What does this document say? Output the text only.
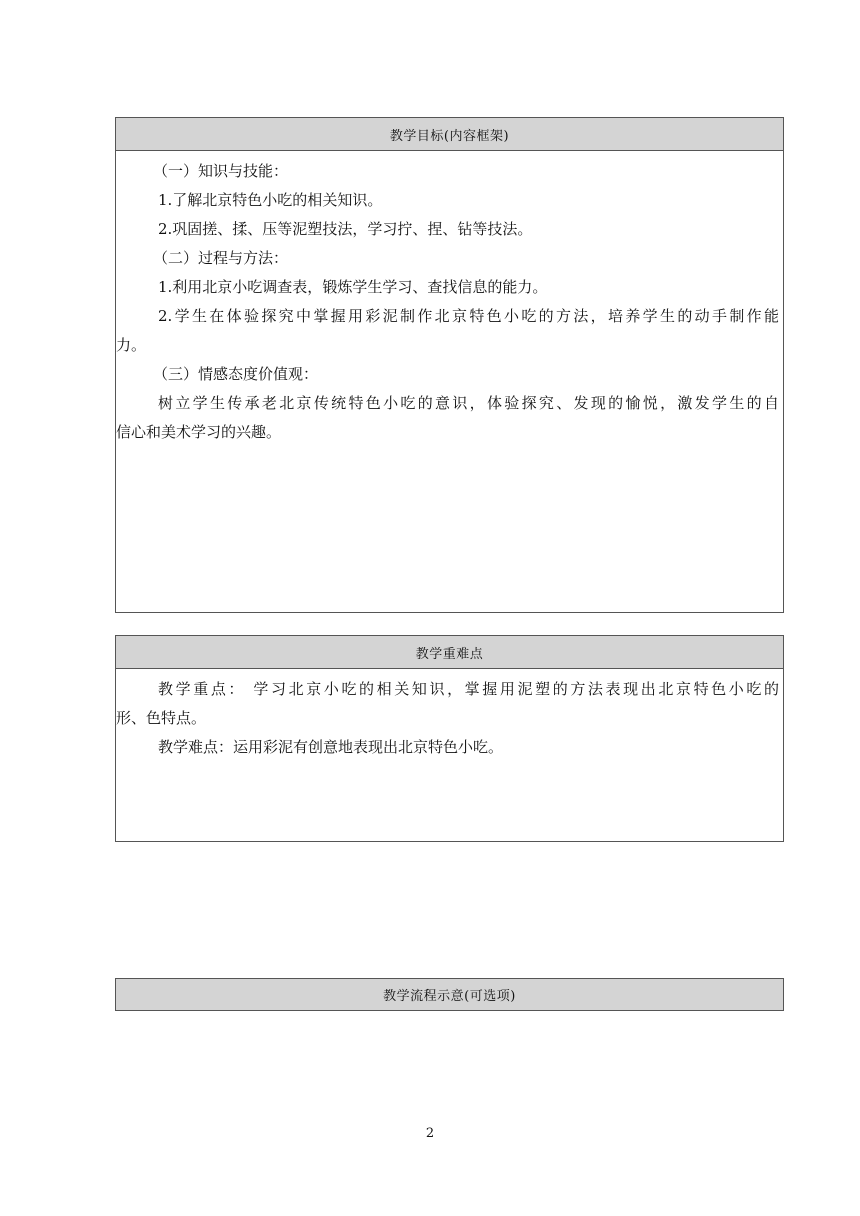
教学目标(内容框架)

（一）知识与技能：

1.了解北京特色小吃的相关知识。

2.巩固搓、揉、压等泥塑技法，学习拧、捏、钻等技法。

（二）过程与方法：

1.利用北京小吃调查表，锻炼学生学习、查找信息的能力。

2.学生在体验探究中掌握用彩泥制作北京特色小吃的方法，培养学生的动手制作能

力。

（三）情感态度价值观：

树立学生传承老北京传统特色小吃的意识，体验探究、发现的愉悦，激发学生的自

信心和美术学习的兴趣。

教学重难点

教学重点： 学习北京小吃的相关知识，掌握用泥塑的方法表现出北京特色小吃的

形、色特点。

教学难点：运用彩泥有创意地表现出北京特色小吃。

教学流程示意(可选项)
2
